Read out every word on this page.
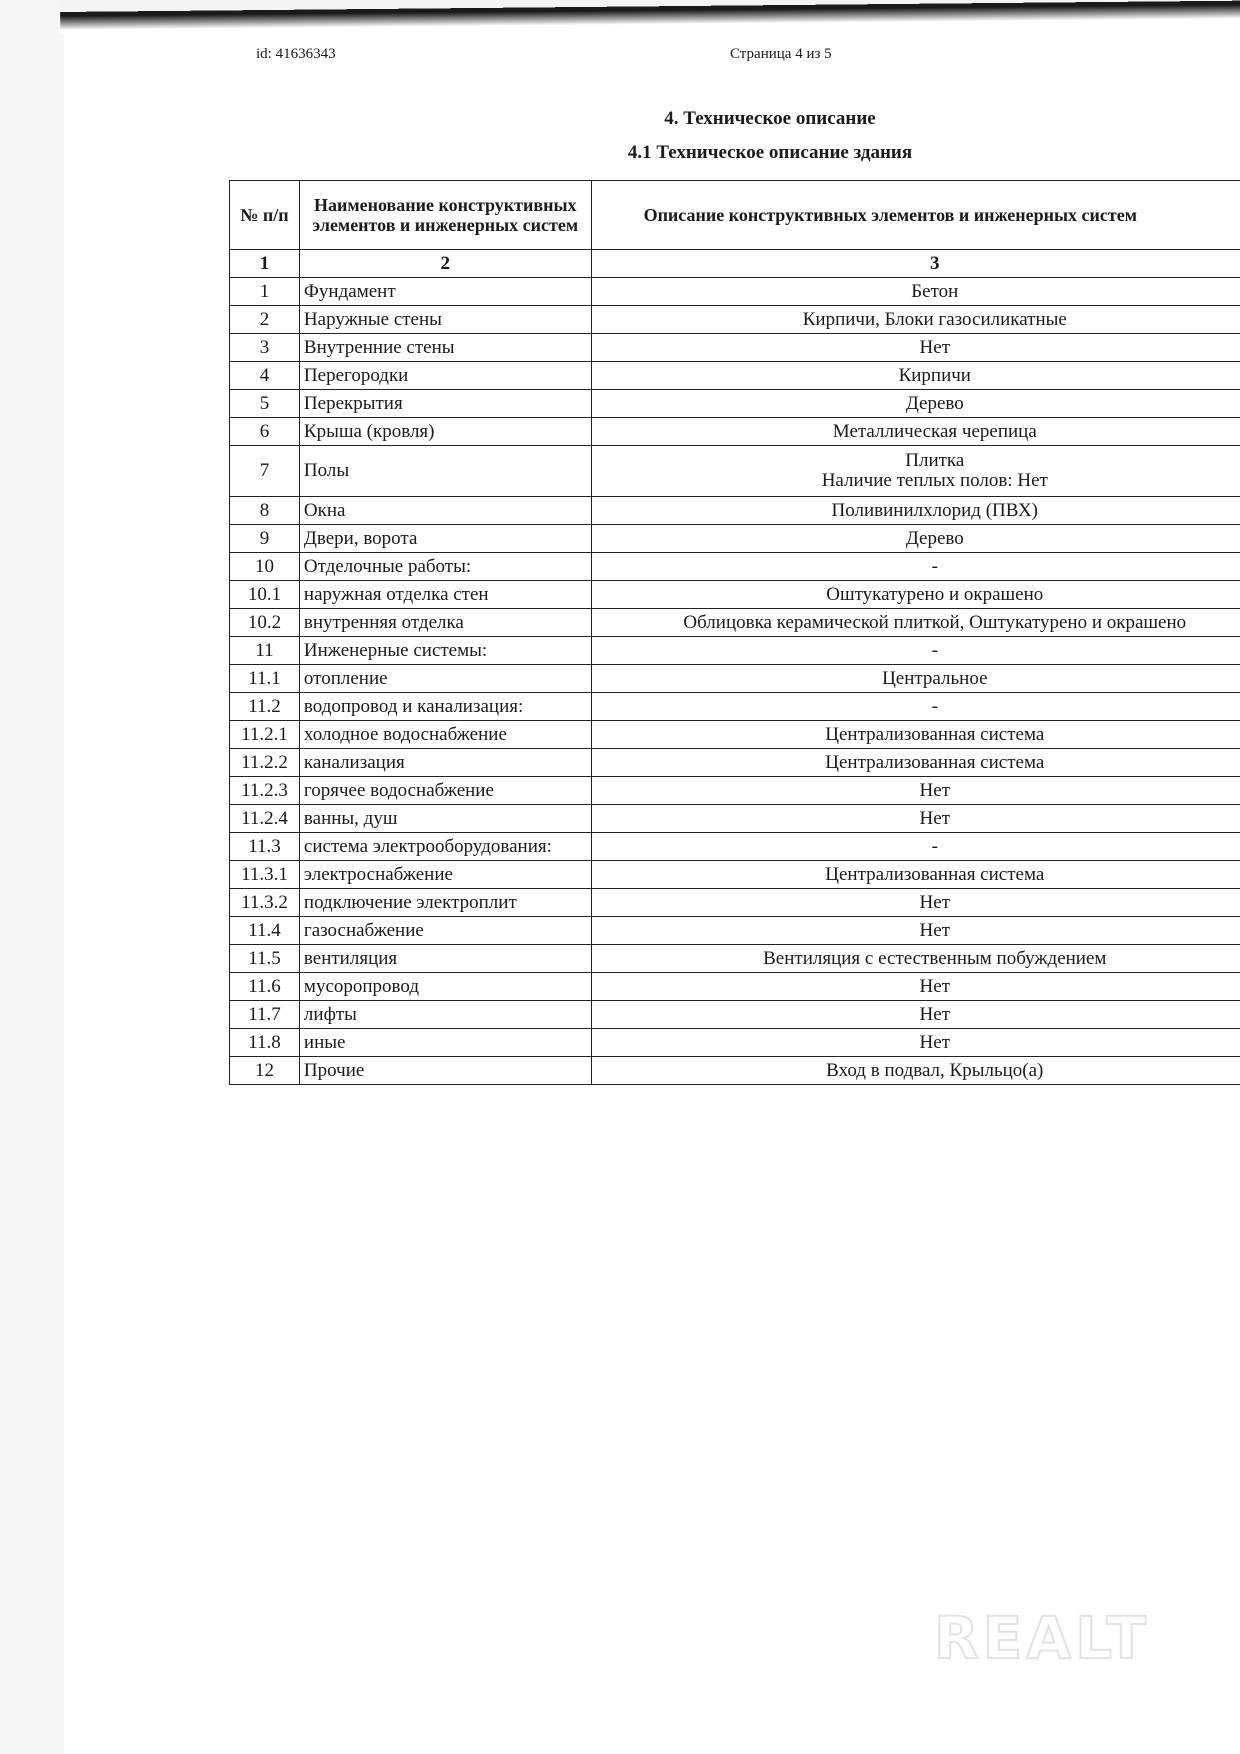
id: 41636343	Страница 4 из 5
4. Техническое описание
4.1 Техническое описание здания
№ п/п	Наименование конструктивных элементов и инженерных систем	Описание конструктивных элементов и инженерных систем
1	2	3
1	Фундамент	Бетон
2	Наружные стены	Кирпичи, Блоки газосиликатные
3	Внутренние стены	Нет
4	Перегородки	Кирпичи
5	Перекрытия	Дерево
6	Крыша (кровля)	Металлическая черепица
7	Полы	Плитка
Наличие теплых полов: Нет

8	Окна	Поливинилхлорид (ПВХ)
9	Двери, ворота	Дерево
10	Отделочные работы:	-
10.1	наружная отделка стен	Оштукатурено и окрашено
10.2	внутренняя отделка	Облицовка керамической плиткой, Оштукатурено и окрашено
11	Инженерные системы:	-
11.1	отопление	Центральное
11.2	водопровод и канализация:	-
11.2.1	холодное водоснабжение	Централизованная система
11.2.2	канализация	Централизованная система
11.2.3	горячее водоснабжение	Нет
11.2.4	ванны, душ	Нет
11.3	система электрооборудования:	-
11.3.1	электроснабжение	Централизованная система
11.3.2	подключение электроплит	Нет
11.4	газоснабжение	Нет
11.5	вентиляция	Вентиляция с естественным побуждением
11.6	мусоропровод	Нет
11.7	лифты	Нет
11.8	иные	Нет
12	Прочие	Вход в подвал, Крыльцо(а)
REALT
